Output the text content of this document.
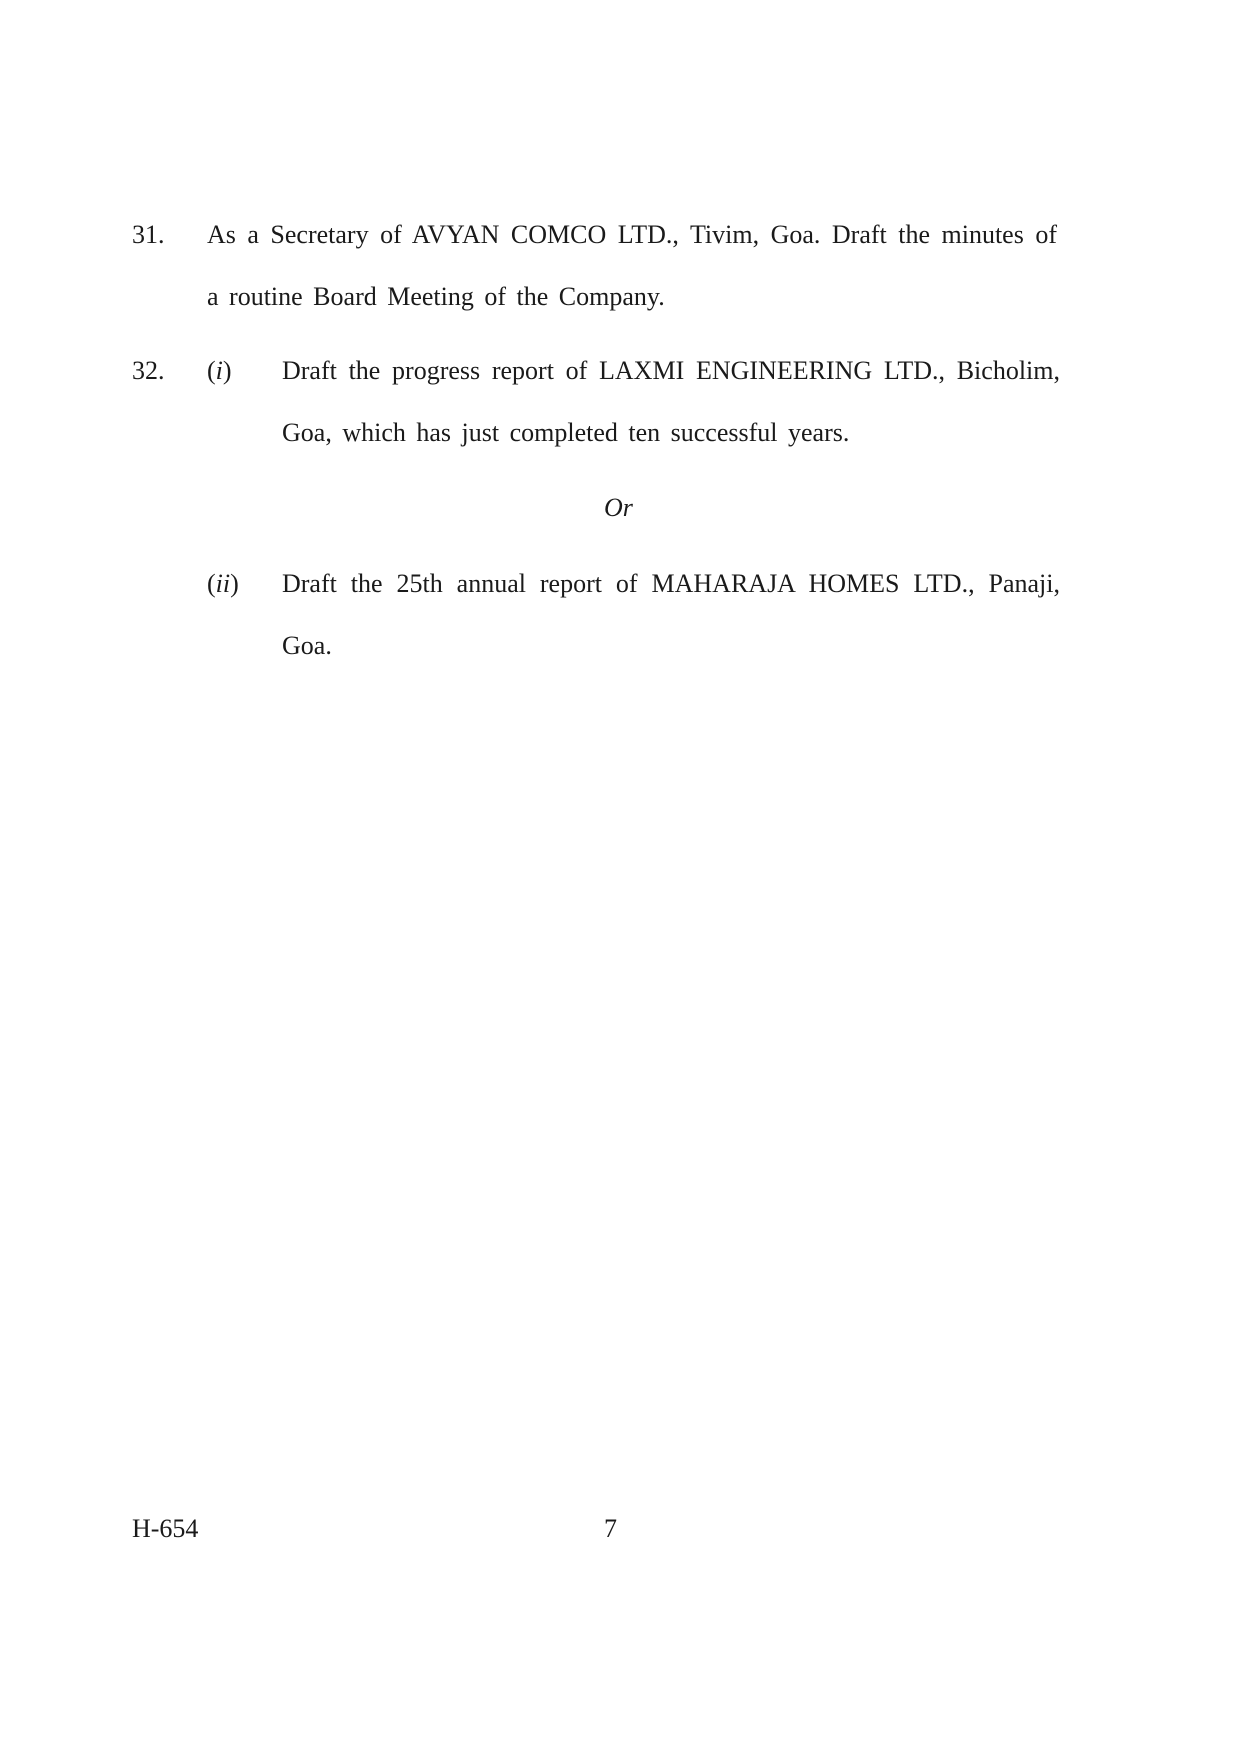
31. As a Secretary of AVYAN COMCO LTD., Tivim, Goa. Draft the minutes of
a routine Board Meeting of the Company.
32. (i) Draft the progress report of LAXMI ENGINEERING LTD., Bicholim,
Goa, which has just completed ten successful years.
Or
(ii) Draft the 25th annual report of MAHARAJA HOMES LTD., Panaji,
Goa.
H-654	7
